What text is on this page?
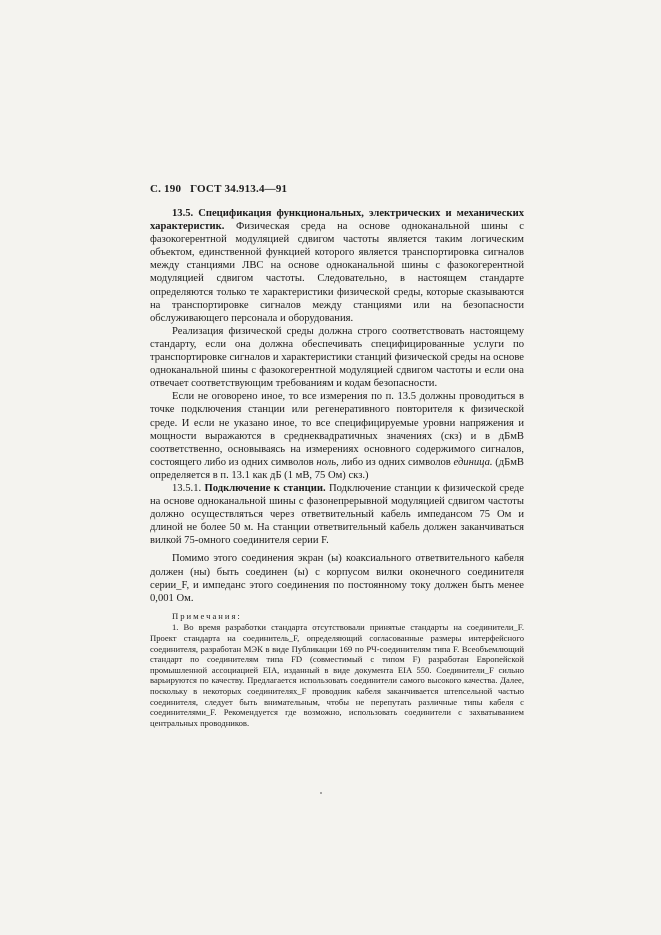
С. 190 ГОСТ 34.913.4—91

13.5. Спецификация функциональных, электрических и механических характеристик. Физическая среда на основе одноканальной шины с фазокогерентной модуляцией сдвигом частоты является таким логическим объектом, единственной функцией которого является транспортировка сигналов между станциями ЛВС на основе одноканальной шины с фазокогерентной модуляцией сдвигом частоты. Следовательно, в настоящем стандарте определяются только те характеристики физической среды, которые сказываются на транспортировке сигналов между станциями или на безопасности обслуживающего персонала и оборудования.

Реализация физической среды должна строго соответствовать настоящему стандарту, если она должна обеспечивать специфицированные услуги по транспортировке сигналов и характеристики станций физической среды на основе одноканальной шины с фазокогерентной модуляцией сдвигом частоты и если она отвечает соответствующим требованиям и кодам безопасности.

Если не оговорено иное, то все измерения по п. 13.5 должны проводиться в точке подключения станции или регенеративного повторителя к физической среде. И если не указано иное, то все специфицируемые уровни напряжения и мощности выражаются в среднеквадратичных значениях (скз) и в дБмВ соответственно, основываясь на измерениях основного содержимого сигналов, состоящего либо из одних символов ноль, либо из одних символов единица. (дБмВ определяется в п. 13.1 как дБ (1 мВ, 75 Ом) скз.)

13.5.1. Подключение к станции. Подключение станции к физической среде на основе одноканальной шины с фазонепрерывной модуляцией сдвигом частоты должно осуществляться через ответвительный кабель импедансом 75 Ом и длиной не более 50 м. На станции ответвительный кабель должен заканчиваться вилкой 75-омного соединителя серии F.

Помимо этого соединения экран (ы) коаксиального ответвительного кабеля должен (ны) быть соединен (ы) с корпусом вилки оконечного соединителя серии_F, и импеданс этого соединения по постоянному току должен быть менее 0,001 Ом.

Примечания:

1. Во время разработки стандарта отсутствовали принятые стандарты на соединители_F. Проект стандарта на соединитель_F, определяющий согласованные размеры интерфейсного соединителя, разработан МЭК в виде Публикации 169 по РЧ-соединителям типа F. Всеобъемлющий стандарт по соединителям типа FD (совместимый с типом F) разработан Европейской промышленной ассоциацией EIA, изданный в виде документа EIA 550. Соединители_F сильно варьируются по качеству. Предлагается использовать соединители самого высокого качества. Далее, поскольку в некоторых соединителях_F проводник кабеля заканчивается штепсельной частью соединителя, следует быть внимательным, чтобы не перепутать различные типы кабеля с соединителями_F. Рекомендуется где возможно, использовать соединители с захватыванием центральных проводников.
